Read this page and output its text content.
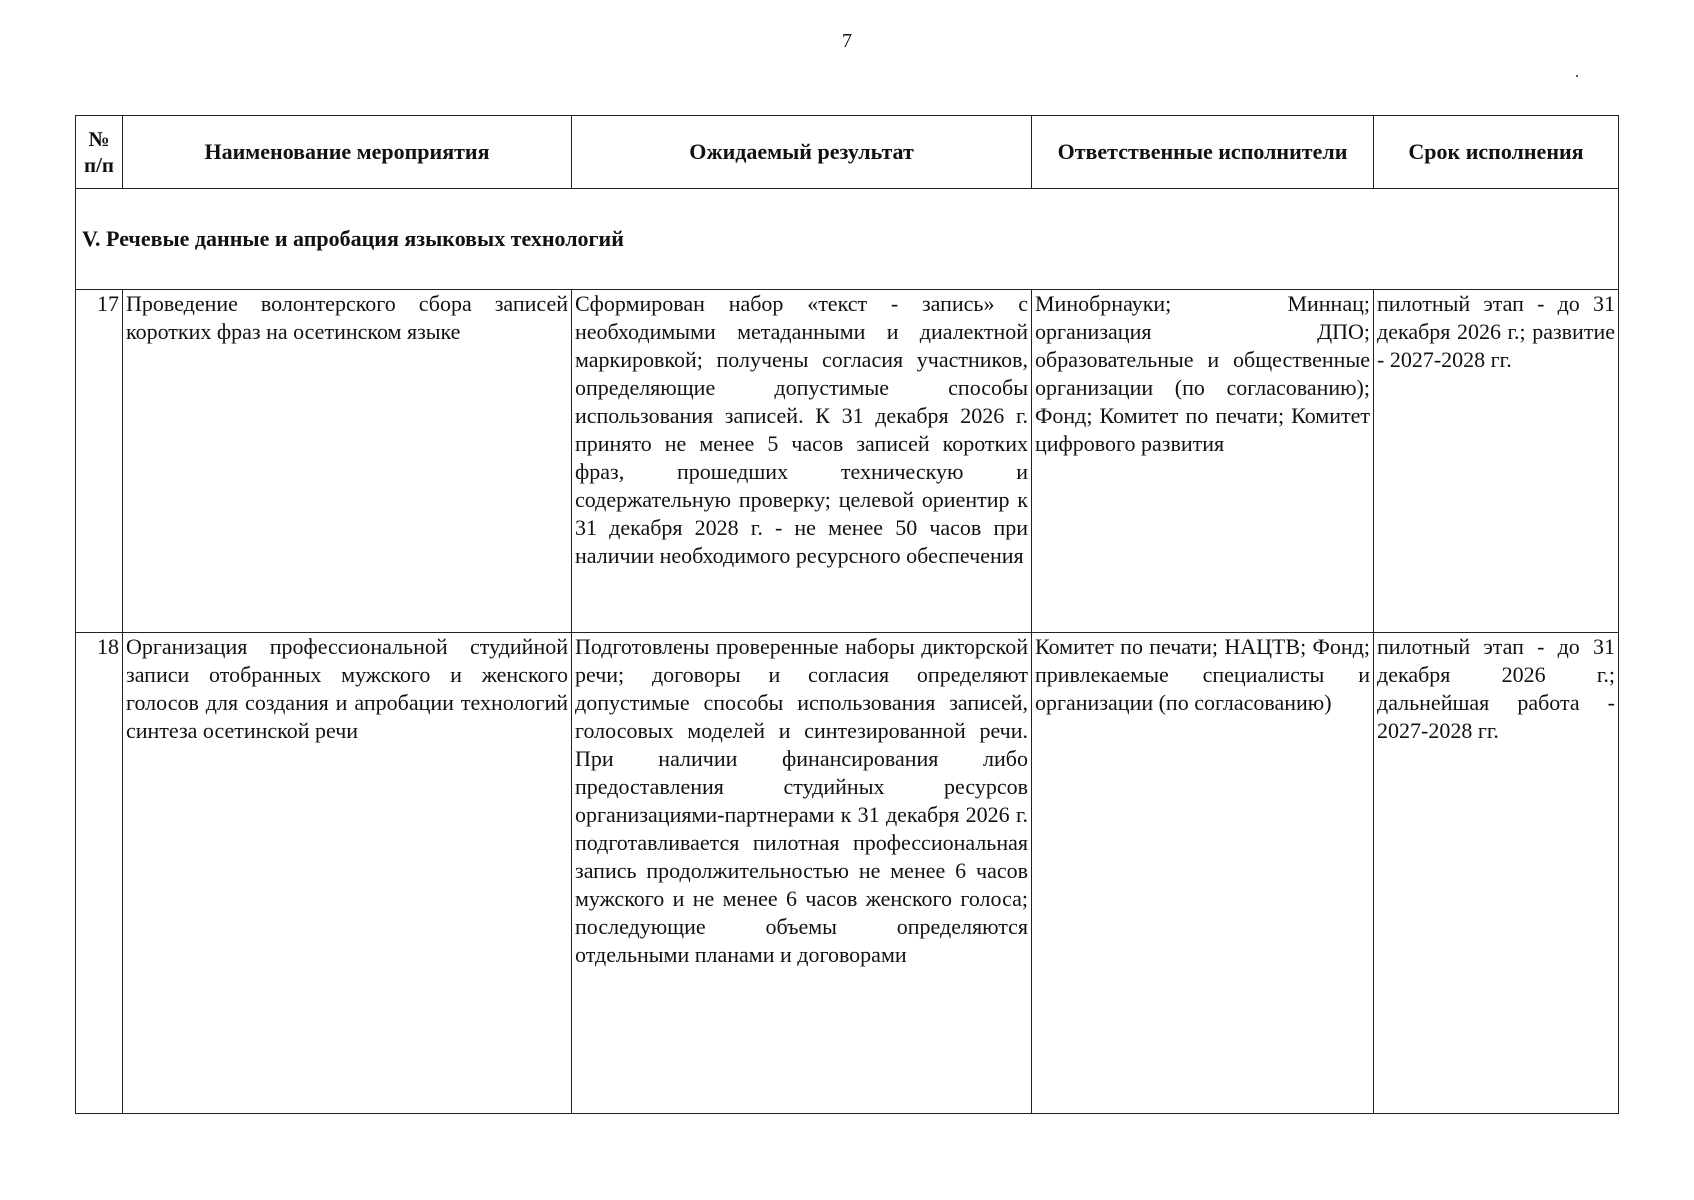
7
№ п/п	Наименование мероприятия	Ожидаемый результат	Ответственные исполнители	Срок исполнения
V. Речевые данные и апробация языковых технологий				
17	Проведение волонтерского сбора записей коротких фраз на осетинском языке	Сформирован набор «текст - запись» с необходимыми метаданными и диалектной маркировкой; получены согласия участников, определяющие допустимые способы использования записей. К 31 декабря 2026 г. принято не менее 5 часов записей коротких фраз, прошедших техническую и содержательную проверку; целевой ориентир к 31 декабря 2028 г. - не менее 50 часов при наличии необходимого ресурсного обеспечения	Минобрнауки; Миннац; организация ДПО; образовательные и общественные организации (по согласованию); Фонд; Комитет по печати; Комитет цифрового развития	пилотный этап - до 31 декабря 2026 г.; развитие - 2027-2028 гг.
18	Организация профессиональной студийной записи отобранных мужского и женского голосов для создания и апробации технологий синтеза осетинской речи	Подготовлены проверенные наборы дикторской речи; договоры и согласия определяют допустимые способы использования записей, голосовых моделей и синтезированной речи. При наличии финансирования либо предоставления студийных ресурсов организациями-партнерами к 31 декабря 2026 г. подготавливается пилотная профессиональная запись продолжительностью не менее 6 часов мужского и не менее 6 часов женского голоса; последующие объемы определяются отдельными планами и договорами	Комитет по печати; НАЦТВ; Фонд; привлекаемые специалисты и организации (по согласованию)	пилотный этап - до 31 декабря 2026 г.; дальнейшая работа - 2027-2028 гг.
